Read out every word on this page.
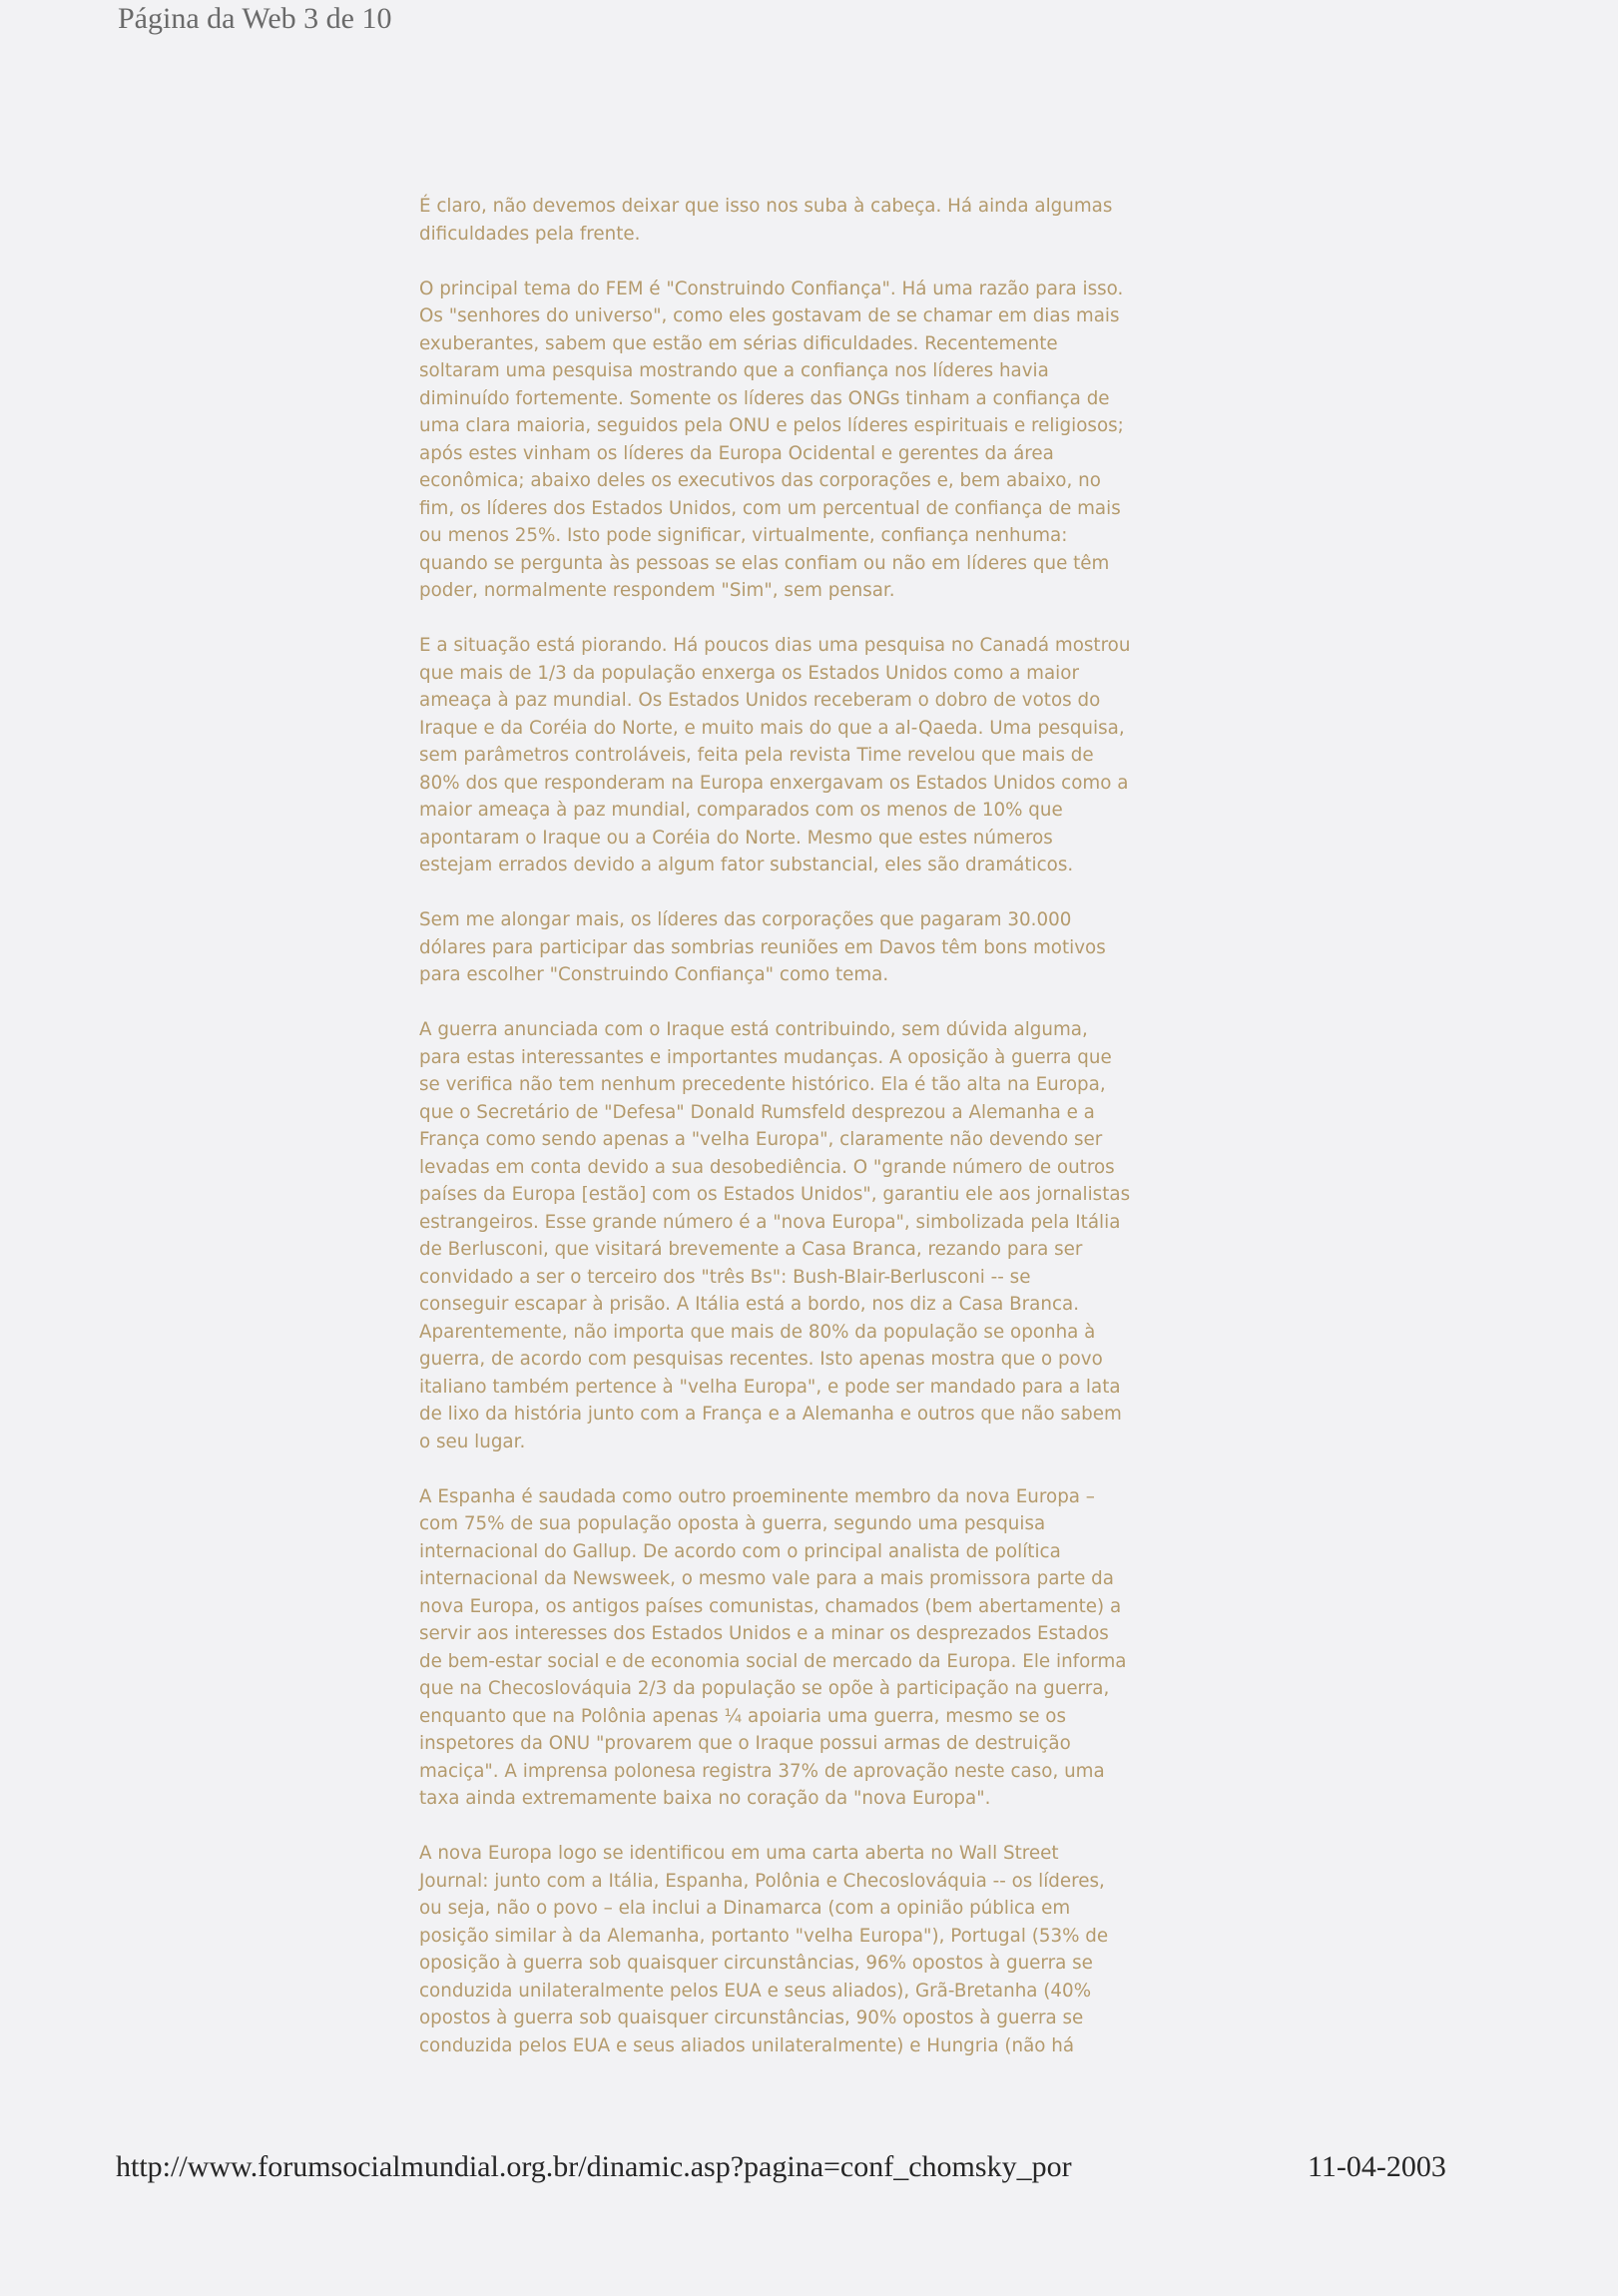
Página da Web 3 de 10
É claro, não devemos deixar que isso nos suba à cabeça. Há ainda algumas
dificuldades pela frente.
O principal tema do FEM é "Construindo Confiança". Há uma razão para isso.
Os "senhores do universo", como eles gostavam de se chamar em dias mais
exuberantes, sabem que estão em sérias dificuldades. Recentemente
soltaram uma pesquisa mostrando que a confiança nos líderes havia
diminuído fortemente. Somente os líderes das ONGs tinham a confiança de
uma clara maioria, seguidos pela ONU e pelos líderes espirituais e religiosos;
após estes vinham os líderes da Europa Ocidental e gerentes da área
econômica; abaixo deles os executivos das corporações e, bem abaixo, no
fim, os líderes dos Estados Unidos, com um percentual de confiança de mais
ou menos 25%. Isto pode significar, virtualmente, confiança nenhuma:
quando se pergunta às pessoas se elas confiam ou não em líderes que têm
poder, normalmente respondem "Sim", sem pensar.
E a situação está piorando. Há poucos dias uma pesquisa no Canadá mostrou
que mais de 1/3 da população enxerga os Estados Unidos como a maior
ameaça à paz mundial. Os Estados Unidos receberam o dobro de votos do
Iraque e da Coréia do Norte, e muito mais do que a al-Qaeda. Uma pesquisa,
sem parâmetros controláveis, feita pela revista Time revelou que mais de
80% dos que responderam na Europa enxergavam os Estados Unidos como a
maior ameaça à paz mundial, comparados com os menos de 10% que
apontaram o Iraque ou a Coréia do Norte. Mesmo que estes números
estejam errados devido a algum fator substancial, eles são dramáticos.
Sem me alongar mais, os líderes das corporações que pagaram 30.000
dólares para participar das sombrias reuniões em Davos têm bons motivos
para escolher "Construindo Confiança" como tema.
A guerra anunciada com o Iraque está contribuindo, sem dúvida alguma,
para estas interessantes e importantes mudanças. A oposição à guerra que
se verifica não tem nenhum precedente histórico. Ela é tão alta na Europa,
que o Secretário de "Defesa" Donald Rumsfeld desprezou a Alemanha e a
França como sendo apenas a "velha Europa", claramente não devendo ser
levadas em conta devido a sua desobediência. O "grande número de outros
países da Europa [estão] com os Estados Unidos", garantiu ele aos jornalistas
estrangeiros. Esse grande número é a "nova Europa", simbolizada pela Itália
de Berlusconi, que visitará brevemente a Casa Branca, rezando para ser
convidado a ser o terceiro dos "três Bs": Bush-Blair-Berlusconi -- se
conseguir escapar à prisão. A Itália está a bordo, nos diz a Casa Branca.
Aparentemente, não importa que mais de 80% da população se oponha à
guerra, de acordo com pesquisas recentes. Isto apenas mostra que o povo
italiano também pertence à "velha Europa", e pode ser mandado para a lata
de lixo da história junto com a França e a Alemanha e outros que não sabem
o seu lugar.
A Espanha é saudada como outro proeminente membro da nova Europa –
com 75% de sua população oposta à guerra, segundo uma pesquisa
internacional do Gallup. De acordo com o principal analista de política
internacional da Newsweek, o mesmo vale para a mais promissora parte da
nova Europa, os antigos países comunistas, chamados (bem abertamente) a
servir aos interesses dos Estados Unidos e a minar os desprezados Estados
de bem-estar social e de economia social de mercado da Europa. Ele informa
que na Checoslováquia 2/3 da população se opõe à participação na guerra,
enquanto que na Polônia apenas ¼ apoiaria uma guerra, mesmo se os
inspetores da ONU "provarem que o Iraque possui armas de destruição
maciça". A imprensa polonesa registra 37% de aprovação neste caso, uma
taxa ainda extremamente baixa no coração da "nova Europa".
A nova Europa logo se identificou em uma carta aberta no Wall Street
Journal: junto com a Itália, Espanha, Polônia e Checoslováquia -- os líderes,
ou seja, não o povo – ela inclui a Dinamarca (com a opinião pública em
posição similar à da Alemanha, portanto "velha Europa"), Portugal (53% de
oposição à guerra sob quaisquer circunstâncias, 96% opostos à guerra se
conduzida unilateralmente pelos EUA e seus aliados), Grã-Bretanha (40%
opostos à guerra sob quaisquer circunstâncias, 90% opostos à guerra se
conduzida pelos EUA e seus aliados unilateralmente) e Hungria (não há
http://www.forumsocialmundial.org.br/dinamic.asp?pagina=conf_chomsky_por	11-04-2003
